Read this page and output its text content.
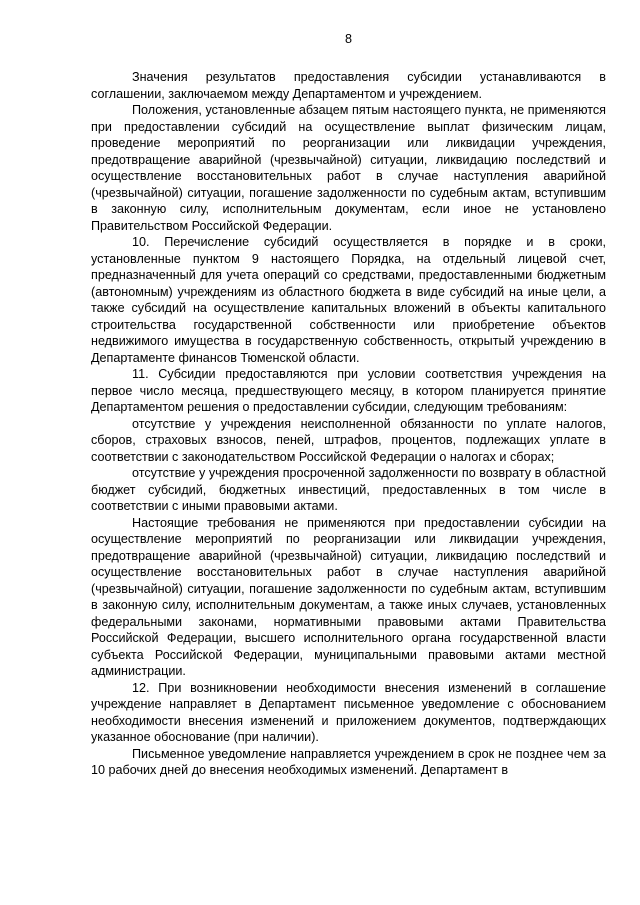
8

Значения результатов предоставления субсидии устанавливаются в соглашении, заключаемом между Департаментом и учреждением.

Положения, установленные абзацем пятым настоящего пункта, не применяются при предоставлении субсидий на осуществление выплат физическим лицам, проведение мероприятий по реорганизации или ликвидации учреждения, предотвращение аварийной (чрезвычайной) ситуации, ликвидацию последствий и осуществление восстановительных работ в случае наступления аварийной (чрезвычайной) ситуации, погашение задолженности по судебным актам, вступившим в законную силу, исполнительным документам, если иное не установлено Правительством Российской Федерации.

10. Перечисление субсидий осуществляется в порядке и в сроки, установленные пунктом 9 настоящего Порядка, на отдельный лицевой счет, предназначенный для учета операций со средствами, предоставленными бюджетным (автономным) учреждениям из областного бюджета в виде субсидий на иные цели, а также субсидий на осуществление капитальных вложений в объекты капитального строительства государственной собственности или приобретение объектов недвижимого имущества в государственную собственность, открытый учреждению в Департаменте финансов Тюменской области.

11. Субсидии предоставляются при условии соответствия учреждения на первое число месяца, предшествующего месяцу, в котором планируется принятие Департаментом решения о предоставлении субсидии, следующим требованиям:

отсутствие у учреждения неисполненной обязанности по уплате налогов, сборов, страховых взносов, пеней, штрафов, процентов, подлежащих уплате в соответствии с законодательством Российской Федерации о налогах и сборах;

отсутствие у учреждения просроченной задолженности по возврату в областной бюджет субсидий, бюджетных инвестиций, предоставленных в том числе в соответствии с иными правовыми актами.

Настоящие требования не применяются при предоставлении субсидии на осуществление мероприятий по реорганизации или ликвидации учреждения, предотвращение аварийной (чрезвычайной) ситуации, ликвидацию последствий и осуществление восстановительных работ в случае наступления аварийной (чрезвычайной) ситуации, погашение задолженности по судебным актам, вступившим в законную силу, исполнительным документам, а также иных случаев, установленных федеральными законами, нормативными правовыми актами Правительства Российской Федерации, высшего исполнительного органа государственной власти субъекта Российской Федерации, муниципальными правовыми актами местной администрации.

12. При возникновении необходимости внесения изменений в соглашение учреждение направляет в Департамент письменное уведомление с обоснованием необходимости внесения изменений и приложением документов, подтверждающих указанное обоснование (при наличии).

Письменное уведомление направляется учреждением в срок не позднее чем за 10 рабочих дней до внесения необходимых изменений. Департамент в
